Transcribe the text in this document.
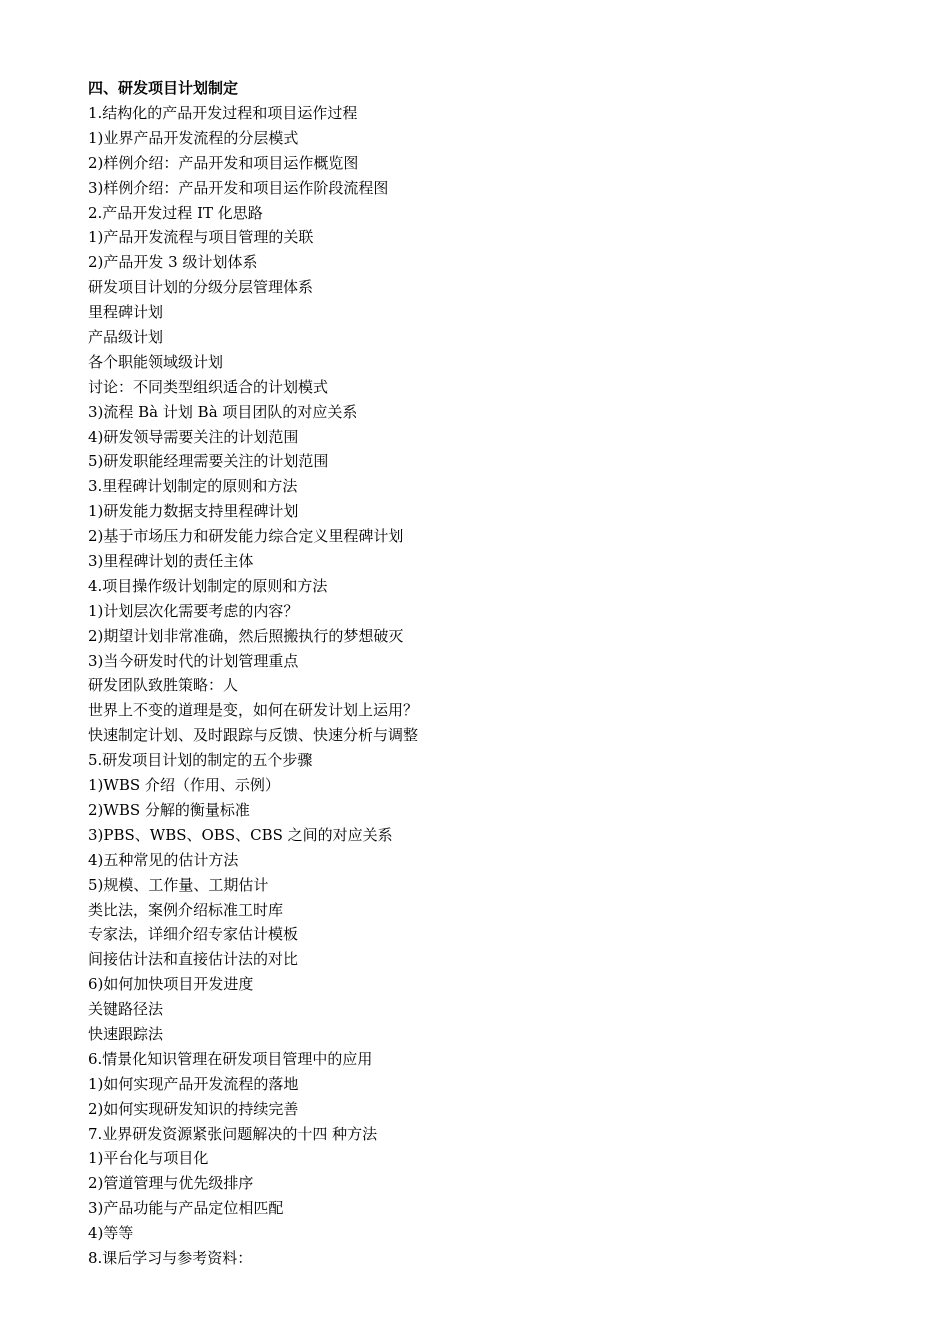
四、研发项目计划制定
1.结构化的产品开发过程和项目运作过程
1)业界产品开发流程的分层模式
2)样例介绍：产品开发和项目运作概览图
3)样例介绍：产品开发和项目运作阶段流程图
2.产品开发过程 IT 化思路
1)产品开发流程与项目管理的关联
2)产品开发 3 级计划体系
研发项目计划的分级分层管理体系
里程碑计划
产品级计划
各个职能领域级计划
讨论：不同类型组织适合的计划模式
3)流程 Bà 计划 Bà 项目团队的对应关系
4)研发领导需要关注的计划范围
5)研发职能经理需要关注的计划范围
3.里程碑计划制定的原则和方法
1)研发能力数据支持里程碑计划
2)基于市场压力和研发能力综合定义里程碑计划
3)里程碑计划的责任主体
4.项目操作级计划制定的原则和方法
1)计划层次化需要考虑的内容？
2)期望计划非常准确，然后照搬执行的梦想破灭
3)当今研发时代的计划管理重点
研发团队致胜策略：人
世界上不变的道理是变，如何在研发计划上运用？
快速制定计划、及时跟踪与反馈、快速分析与调整
5.研发项目计划的制定的五个步骤
1)WBS 介绍（作用、示例）
2)WBS 分解的衡量标准
3)PBS、WBS、OBS、CBS 之间的对应关系
4)五种常见的估计方法
5)规模、工作量、工期估计
类比法，案例介绍标准工时库
专家法，详细介绍专家估计模板
间接估计法和直接估计法的对比
6)如何加快项目开发进度
关键路径法
快速跟踪法
6.情景化知识管理在研发项目管理中的应用
1)如何实现产品开发流程的落地
2)如何实现研发知识的持续完善
7.业界研发资源紧张问题解决的十四 种方法
1)平台化与项目化
2)管道管理与优先级排序
3)产品功能与产品定位相匹配
4)等等
8.课后学习与参考资料：
